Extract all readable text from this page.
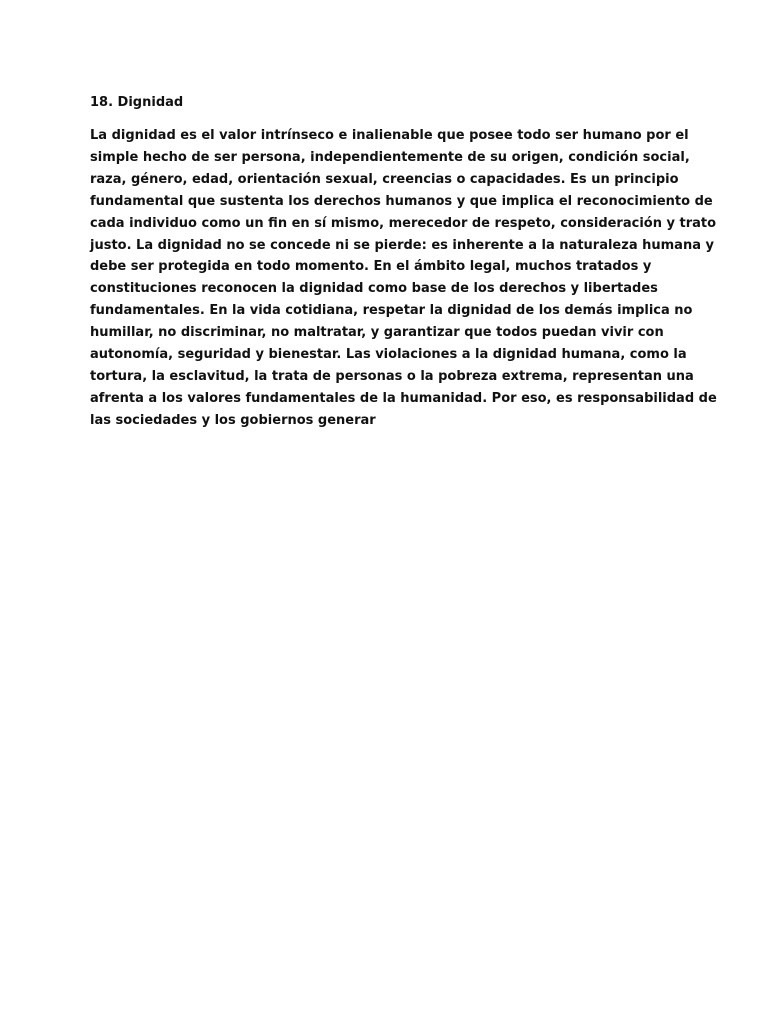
18. Dignidad

La dignidad es el valor intrínseco e inalienable que posee todo ser humano por el
simple hecho de ser persona, independientemente de su origen, condición social,
raza, género, edad, orientación sexual, creencias o capacidades. Es un principio
fundamental que sustenta los derechos humanos y que implica el reconocimiento de
cada individuo como un fin en sí mismo, merecedor de respeto, consideración y trato
justo. La dignidad no se concede ni se pierde: es inherente a la naturaleza humana y
debe ser protegida en todo momento. En el ámbito legal, muchos tratados y
constituciones reconocen la dignidad como base de los derechos y libertades
fundamentales. En la vida cotidiana, respetar la dignidad de los demás implica no
humillar, no discriminar, no maltratar, y garantizar que todos puedan vivir con
autonomía, seguridad y bienestar. Las violaciones a la dignidad humana, como la
tortura, la esclavitud, la trata de personas o la pobreza extrema, representan una
afrenta a los valores fundamentales de la humanidad. Por eso, es responsabilidad de
las sociedades y los gobiernos generar
